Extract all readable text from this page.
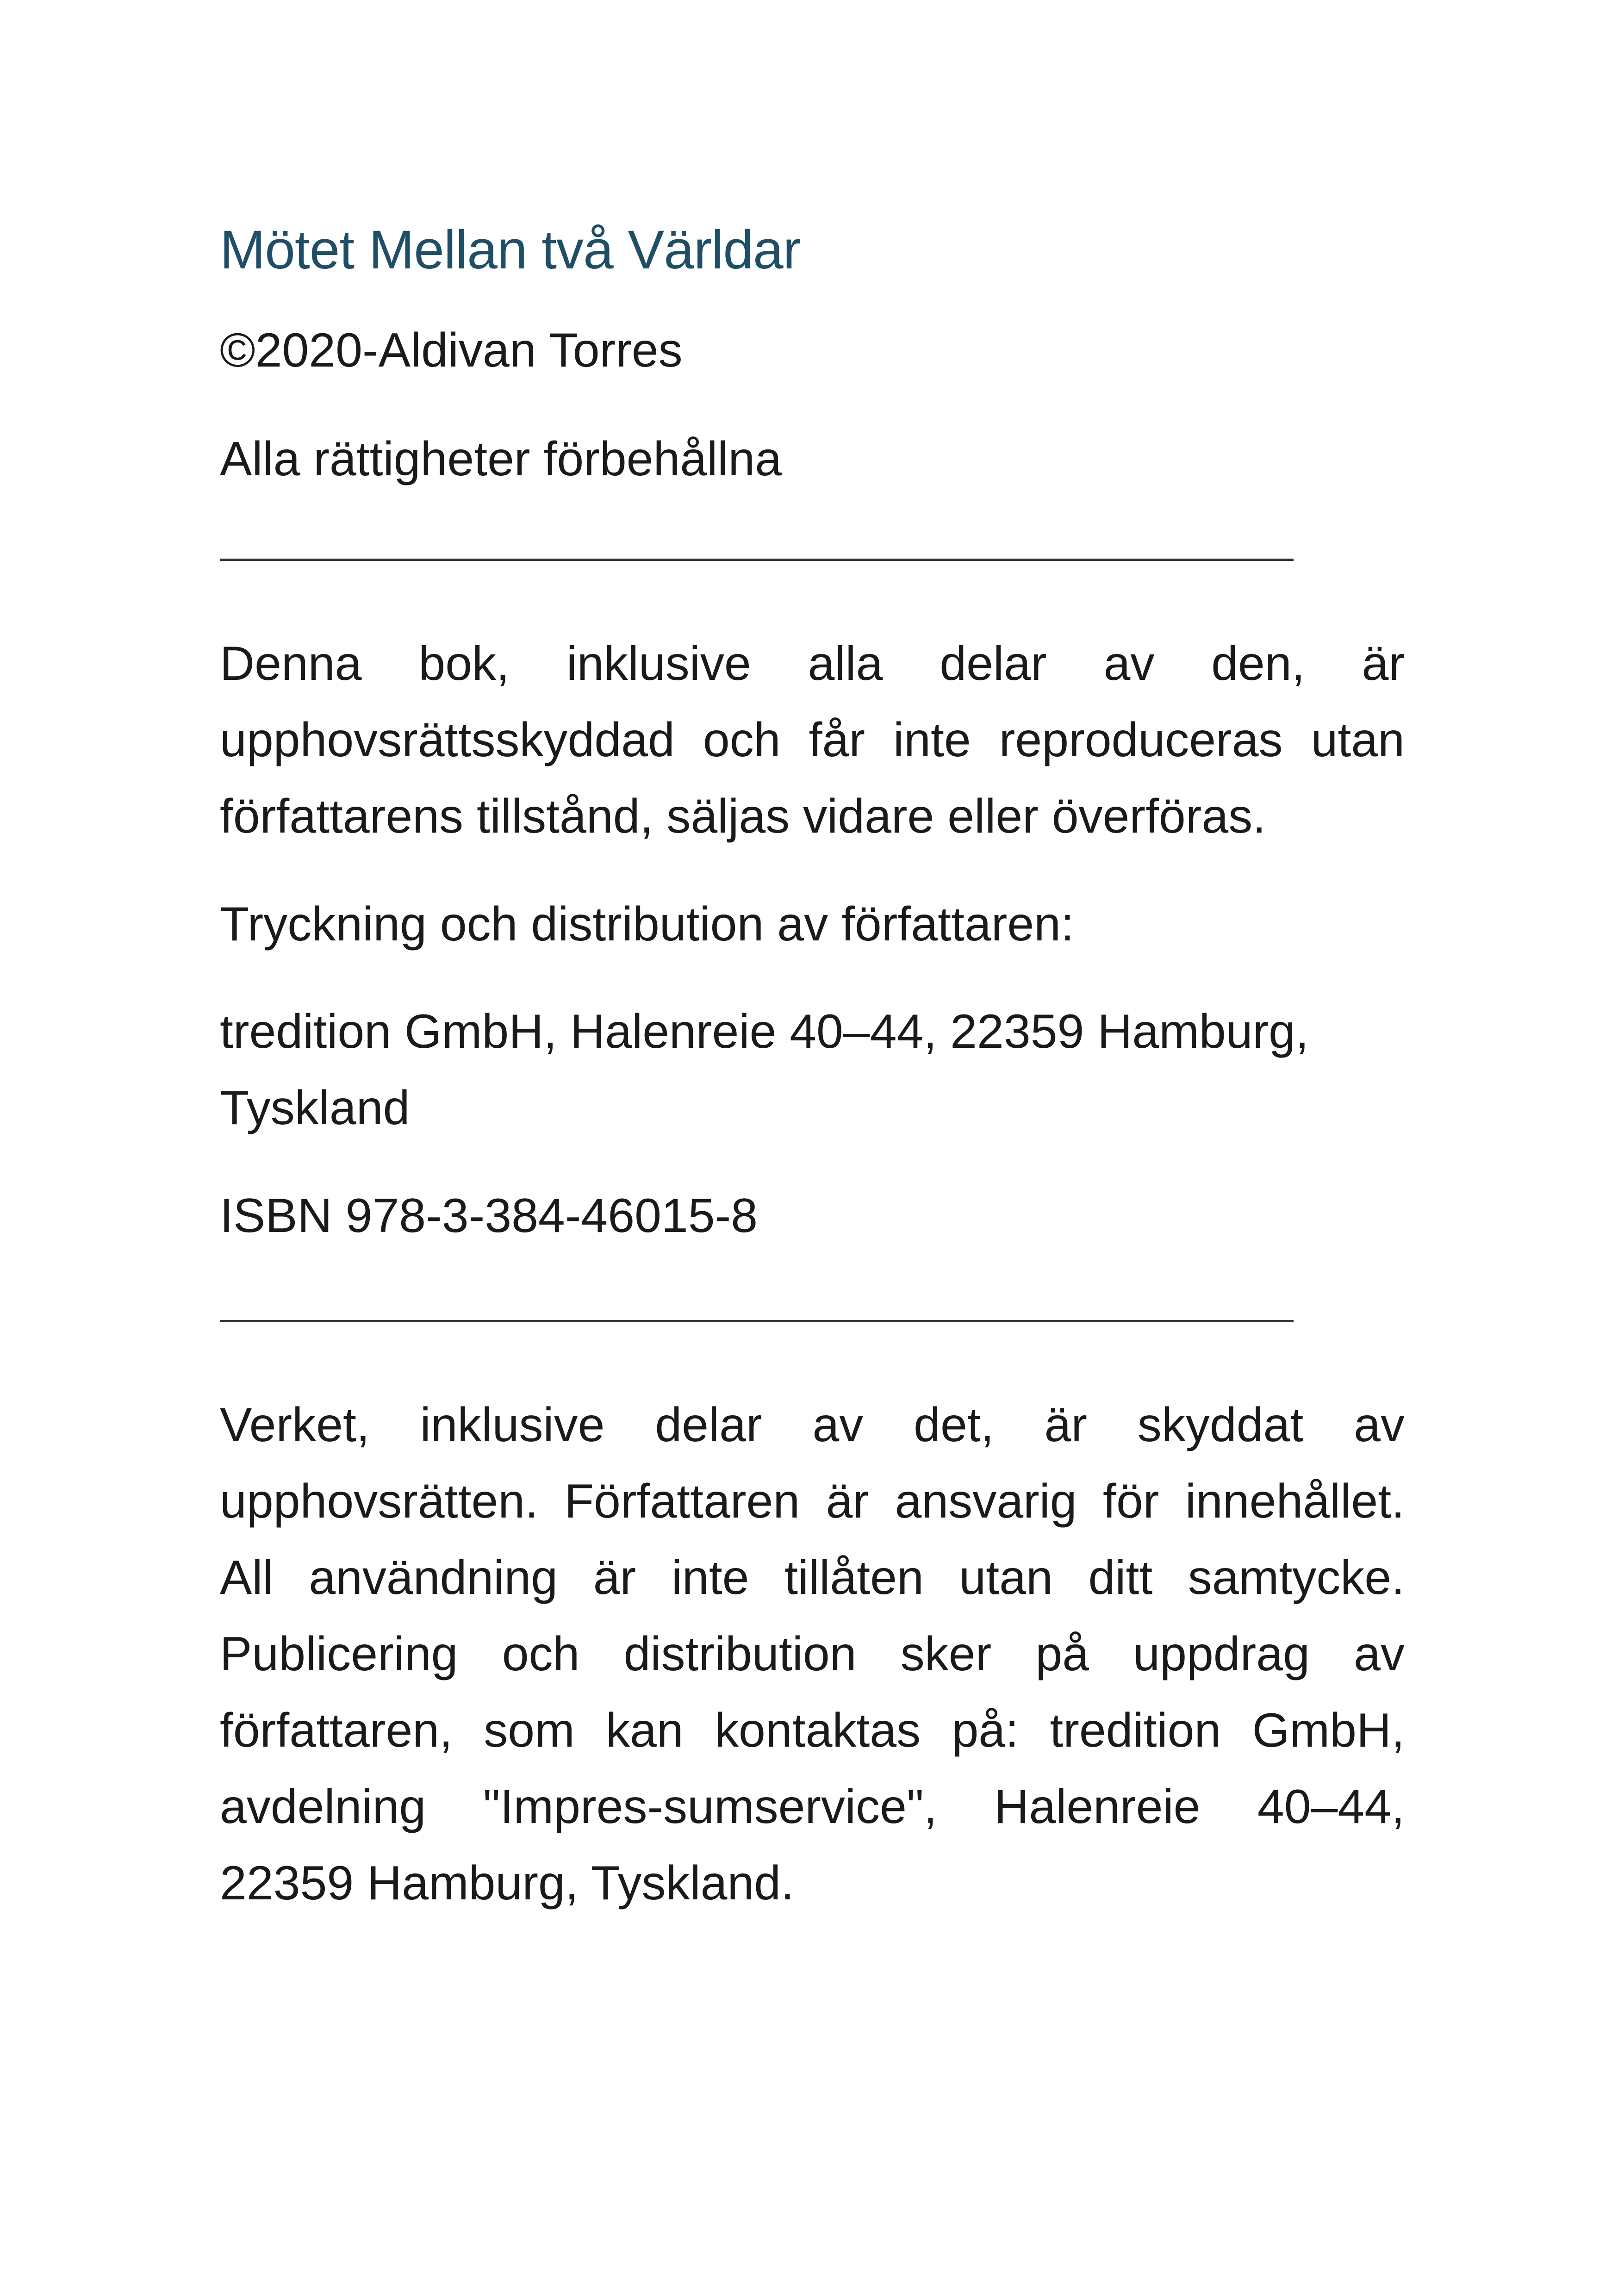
Mötet Mellan två Världar

©2020-Aldivan Torres

Alla rättigheter förbehållna

Denna bok, inklusive alla delar av den, är upphovsrättsskyddad och får inte reproduceras utan författarens tillstånd, säljas vidare eller överföras.

Tryckning och distribution av författaren:

tredition GmbH, Halenreie 40–44, 22359 Hamburg, Tyskland

ISBN 978-3-384-46015-8

Verket, inklusive delar av det, är skyddat av upphovsrätten. Författaren är ansvarig för innehållet. All användning är inte tillåten utan ditt samtycke. Publicering och distribution sker på uppdrag av författaren, som kan kontaktas på: tredition GmbH, avdelning "Impres-sumservice", Halenreie 40–44, 22359 Hamburg, Tyskland.
